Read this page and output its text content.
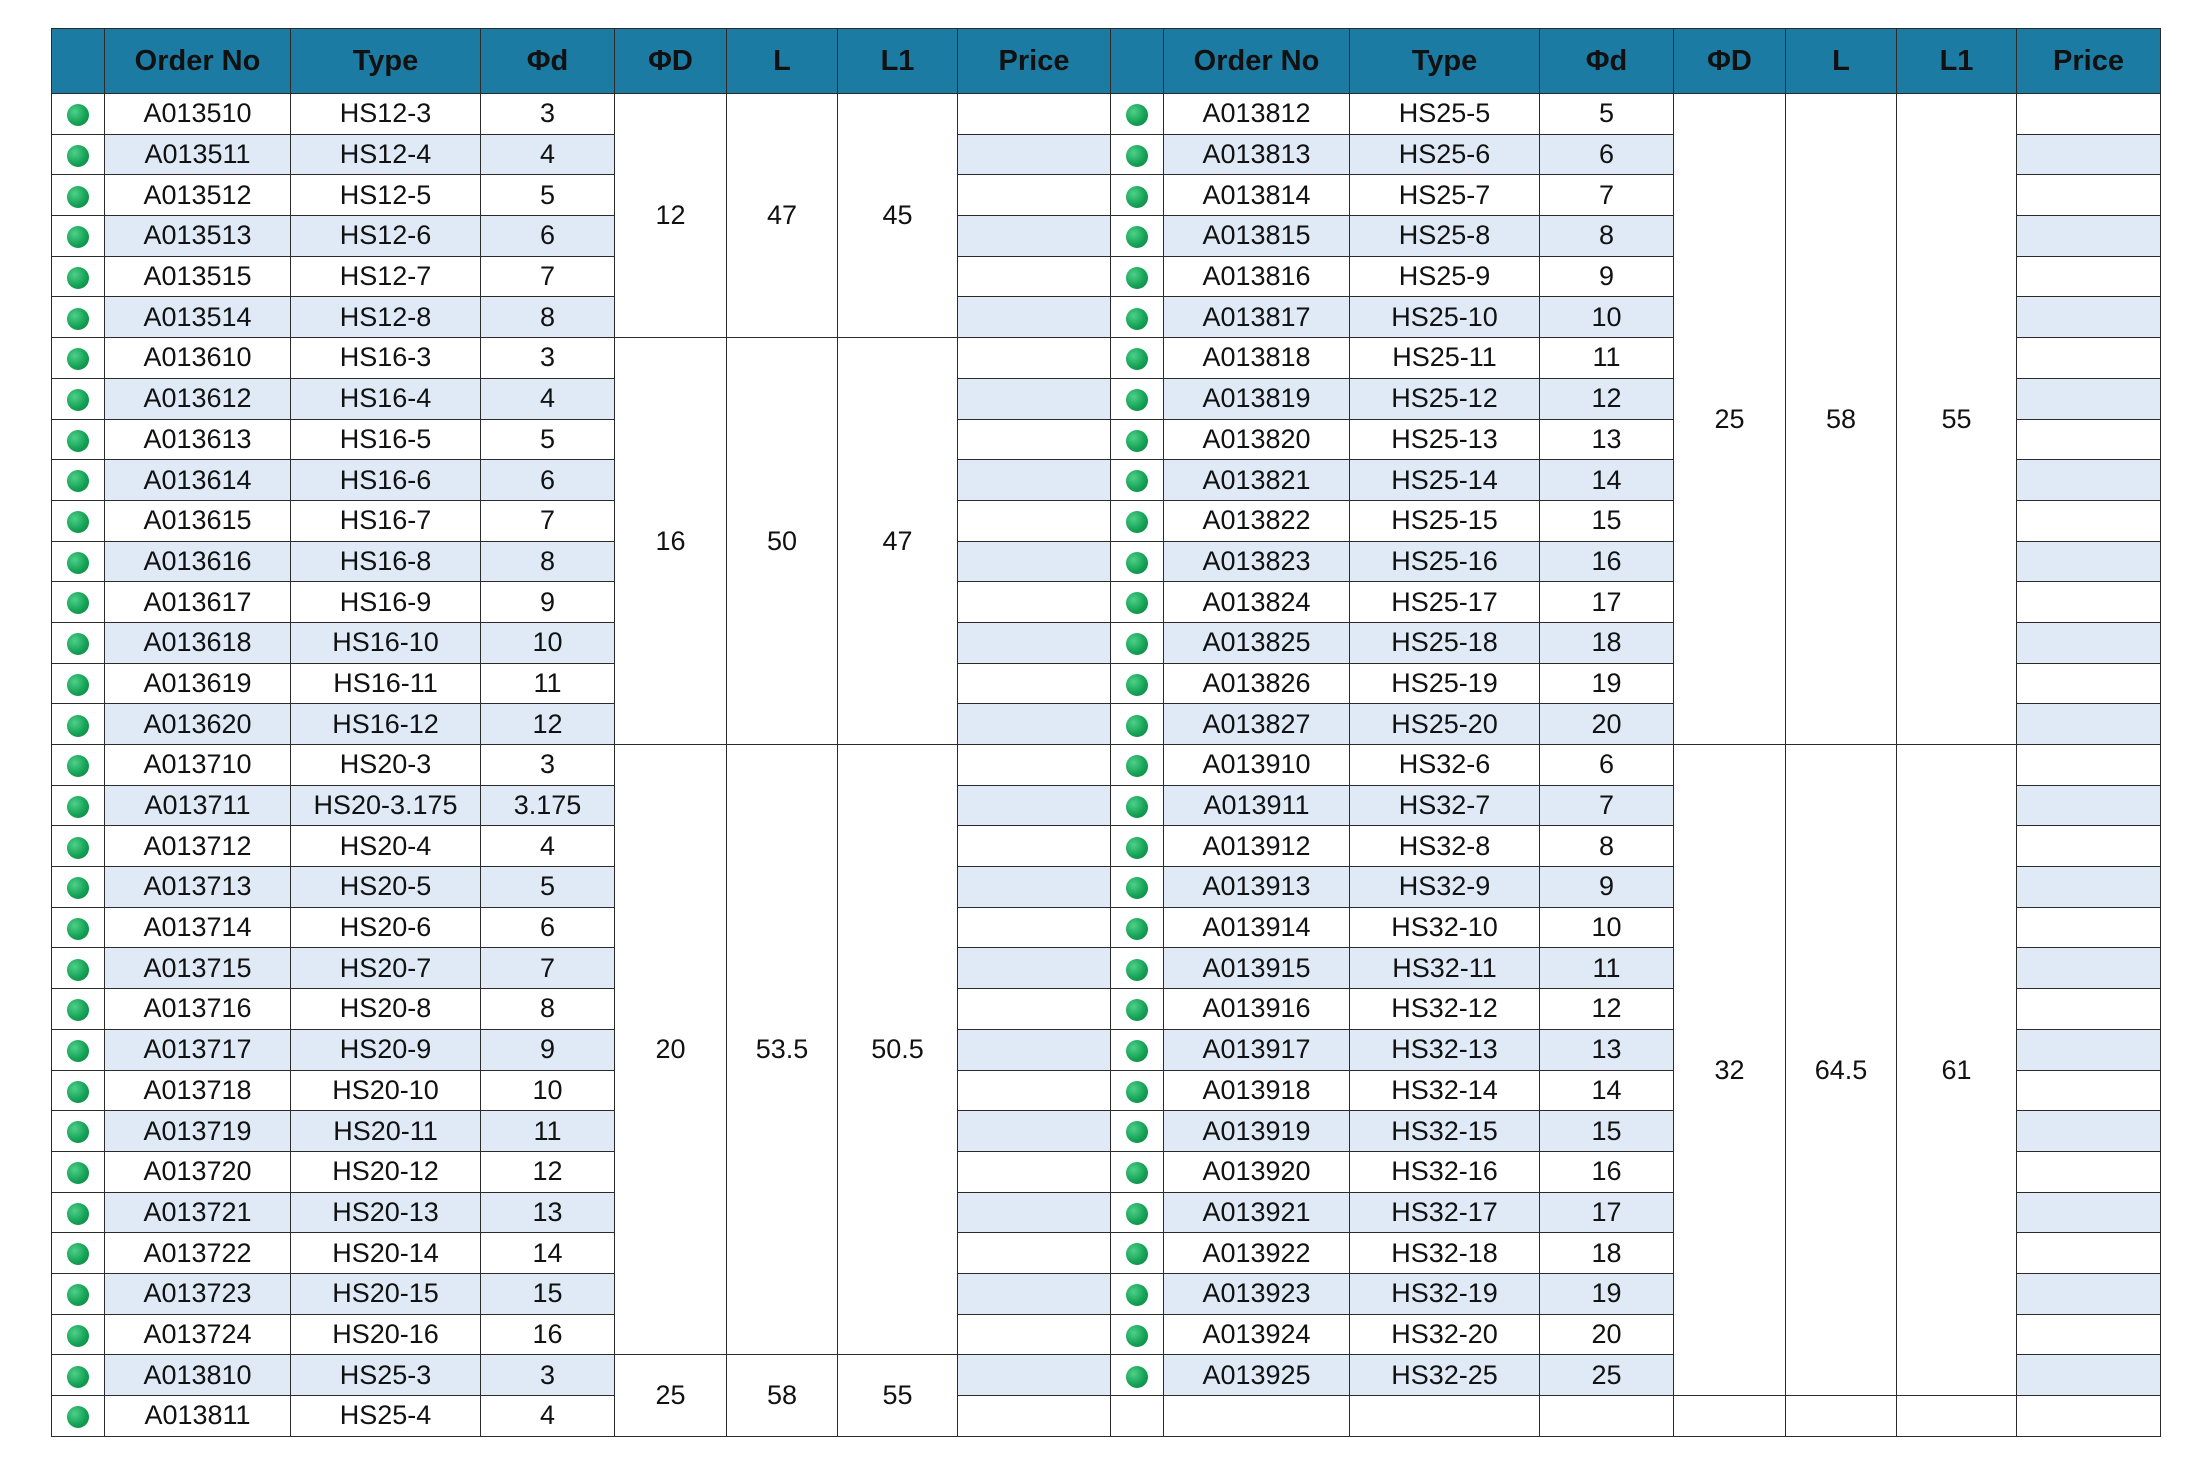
	Order No	Type	Φd	ΦD	L	L1	Price		Order No	Type	Φd	ΦD	L	L1	Price
	A013510	HS12-3	3	12	47	45			A013812	HS25-5	5	25	58	55	
	A013511	HS12-4	4						A013813	HS25-6	6				
	A013512	HS12-5	5						A013814	HS25-7	7				
	A013513	HS12-6	6						A013815	HS25-8	8				
	A013515	HS12-7	7						A013816	HS25-9	9				
	A013514	HS12-8	8						A013817	HS25-10	10				
	A013610	HS16-3	3	16	50	47			A013818	HS25-11	11				
	A013612	HS16-4	4						A013819	HS25-12	12				
	A013613	HS16-5	5						A013820	HS25-13	13				
	A013614	HS16-6	6						A013821	HS25-14	14				
	A013615	HS16-7	7						A013822	HS25-15	15				
	A013616	HS16-8	8						A013823	HS25-16	16				
	A013617	HS16-9	9						A013824	HS25-17	17				
	A013618	HS16-10	10						A013825	HS25-18	18				
	A013619	HS16-11	11						A013826	HS25-19	19				
	A013620	HS16-12	12						A013827	HS25-20	20				
	A013710	HS20-3	3	20	53.5	50.5			A013910	HS32-6	6	32	64.5	61	
	A013711	HS20-3.175	3.175						A013911	HS32-7	7				
	A013712	HS20-4	4						A013912	HS32-8	8				
	A013713	HS20-5	5						A013913	HS32-9	9				
	A013714	HS20-6	6						A013914	HS32-10	10				
	A013715	HS20-7	7						A013915	HS32-11	11				
	A013716	HS20-8	8						A013916	HS32-12	12				
	A013717	HS20-9	9						A013917	HS32-13	13				
	A013718	HS20-10	10						A013918	HS32-14	14				
	A013719	HS20-11	11						A013919	HS32-15	15				
	A013720	HS20-12	12						A013920	HS32-16	16				
	A013721	HS20-13	13						A013921	HS32-17	17				
	A013722	HS20-14	14						A013922	HS32-18	18				
	A013723	HS20-15	15						A013923	HS32-19	19				
	A013724	HS20-16	16						A013924	HS32-20	20				
	A013810	HS25-3	3	25	58	55			A013925	HS32-25	25				
	A013811	HS25-4	4												
